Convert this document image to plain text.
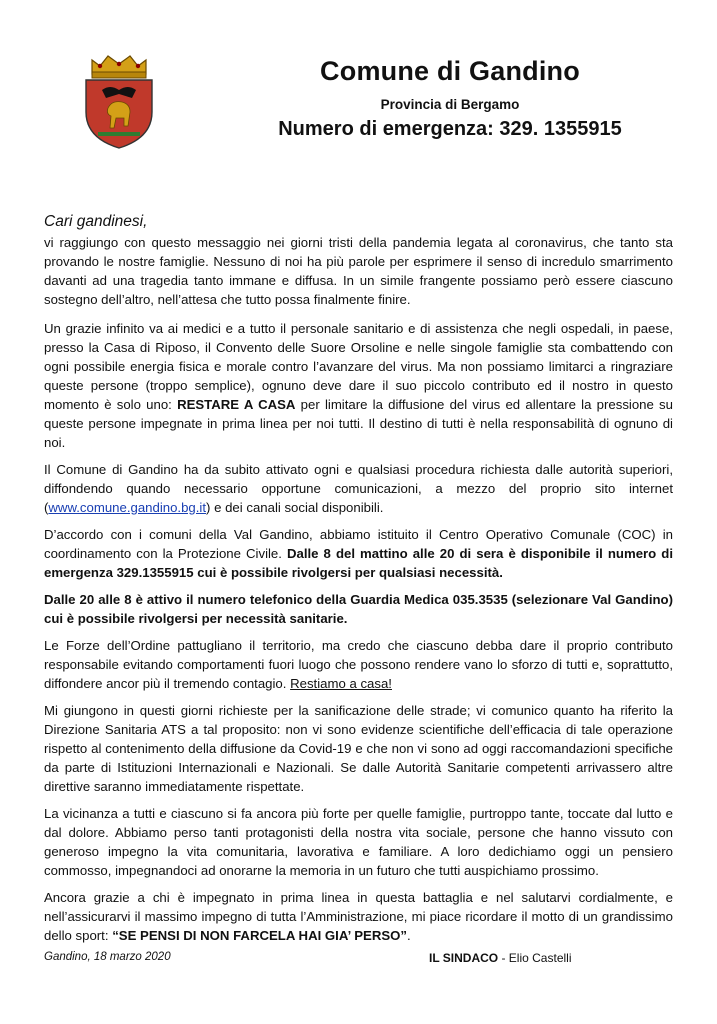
Comune di Gandino
Provincia di Bergamo
Numero di emergenza: 329. 1355915
Cari gandinesi,

vi raggiungo con questo messaggio nei giorni tristi della pandemia legata al coronavirus, che tanto sta provando le nostre famiglie. Nessuno di noi ha più parole per esprimere il senso di incredulo smarrimento davanti ad una tragedia tanto immane e diffusa. In un simile frangente possiamo però essere ciascuno sostegno dell’altro, nell’attesa che tutto possa finalmente finire.

Un grazie infinito va ai medici e a tutto il personale sanitario e di assistenza che negli ospedali, in paese, presso la Casa di Riposo, il Convento delle Suore Orsoline e nelle singole famiglie sta combattendo con ogni possibile energia fisica e morale contro l’avanzare del virus. Ma non possiamo limitarci a ringraziare queste persone (troppo semplice), ognuno deve dare il suo piccolo contributo ed il nostro in questo momento è solo uno: RESTARE A CASA per limitare la diffusione del virus ed allentare la pressione su queste persone impegnate in prima linea per noi tutti. Il destino di tutti è nella responsabilità di ognuno di noi.

Il Comune di Gandino ha da subito attivato ogni e qualsiasi procedura richiesta dalle autorità superiori, diffondendo quando necessario opportune comunicazioni, a mezzo del proprio sito internet (www.comune.gandino.bg.it) e dei canali social disponibili.

D’accordo con i comuni della Val Gandino, abbiamo istituito il Centro Operativo Comunale (COC) in coordinamento con la Protezione Civile. Dalle 8 del mattino alle 20 di sera è disponibile il numero di emergenza 329.1355915 cui è possibile rivolgersi per qualsiasi necessità.

Dalle 20 alle 8 è attivo il numero telefonico della Guardia Medica 035.3535 (selezionare Val Gandino) cui è possibile rivolgersi per necessità sanitarie.

Le Forze dell’Ordine pattugliano il territorio, ma credo che ciascuno debba dare il proprio contributo responsabile evitando comportamenti fuori luogo che possono rendere vano lo sforzo di tutti e, soprattutto, diffondere ancor più il tremendo contagio. Restiamo a casa!

Mi giungono in questi giorni richieste per la sanificazione delle strade; vi comunico quanto ha riferito la Direzione Sanitaria ATS a tal proposito: non vi sono evidenze scientifiche dell’efficacia di tale operazione rispetto al contenimento della diffusione da Covid-19 e che non vi sono ad oggi raccomandazioni specifiche da parte di Istituzioni Internazionali e Nazionali. Se dalle Autorità Sanitarie competenti arrivassero altre direttive saranno immediatamente rispettate.

La vicinanza a tutti e ciascuno si fa ancora più forte per quelle famiglie, purtroppo tante, toccate dal lutto e dal dolore. Abbiamo perso tanti protagonisti della nostra vita sociale, persone che hanno vissuto con generoso impegno la vita comunitaria, lavorativa e familiare. A loro dedichiamo oggi un pensiero commosso, impegnandoci ad onorarne la memoria in un futuro che tutti auspichiamo prossimo.

Ancora grazie a chi è impegnato in prima linea in questa battaglia e nel salutarvi cordialmente, e nell’assicurarvi il massimo impegno di tutta l’Amministrazione, mi piace ricordare il motto di un grandissimo dello sport: “SE PENSI DI NON FARCELA HAI GIA’ PERSO”.

Gandino, 18 marzo 2020	IL SINDACO - Elio Castelli
